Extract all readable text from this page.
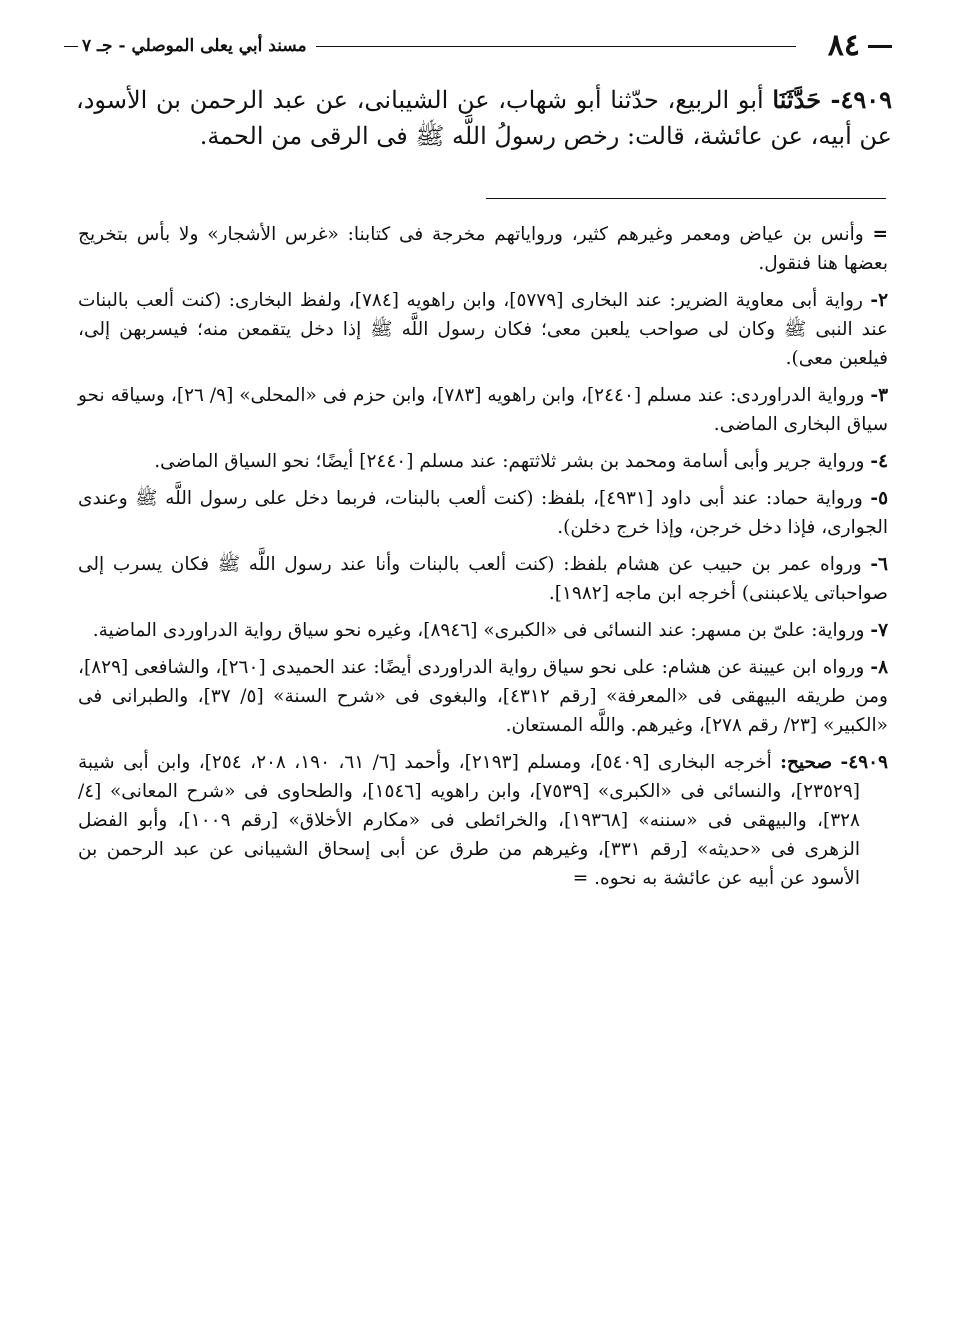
٨٤
مسند أبي يعلى الموصلي - جـ ٧

٤٩٠٩- حَدَّثَنَا أبو الربيع، حدّثنا أبو شهاب، عن الشيبانى، عن عبد الرحمن بن الأسود، عن أبيه، عن عائشة، قالت: رخص رسولُ اللَّه ﷺ فى الرقى من الحمة.

= وأنس بن عياض ومعمر وغيرهم كثير، ورواياتهم مخرجة فى كتابنا: «غرس الأشجار» ولا بأس بتخريج بعضها هنا فنقول.

٢- رواية أبى معاوية الضرير: عند البخارى [٥٧٧٩]، وابن راهويه [٧٨٤]، ولفظ البخارى: (كنت ألعب بالبنات عند النبى ﷺ وكان لى صواحب يلعبن معى؛ فكان رسول اللَّه ﷺ إذا دخل يتقمعن منه؛ فيسربهن إلى، فيلعبن معى).

٣- ورواية الدراوردى: عند مسلم [٢٤٤٠]، وابن راهويه [٧٨٣]، وابن حزم فى «المحلى» [٩/ ٢٦]، وسياقه نحو سياق البخارى الماضى.

٤- ورواية جرير وأبى أسامة ومحمد بن بشر ثلاثتهم: عند مسلم [٢٤٤٠] أيضًا؛ نحو السياق الماضى.

٥- ورواية حماد: عند أبى داود [٤٩٣١]، بلفظ: (كنت ألعب بالبنات، فربما دخل على رسول اللَّه ﷺ وعندى الجوارى، فإذا دخل خرجن، وإذا خرج دخلن).

٦- ورواه عمر بن حبيب عن هشام بلفظ: (كنت ألعب بالبنات وأنا عند رسول اللَّه ﷺ فكان يسرب إلى صواحباتى يلاعبننى) أخرجه ابن ماجه [١٩٨٢].

٧- ورواية: علىّ بن مسهر: عند النسائى فى «الكبرى» [٨٩٤٦]، وغيره نحو سياق رواية الدراوردى الماضية.

٨- ورواه ابن عيينة عن هشام: على نحو سياق رواية الدراوردى أيضًا: عند الحميدى [٢٦٠]، والشافعى [٨٢٩]، ومن طريقه البيهقى فى «المعرفة» [رقم ٤٣١٢]، والبغوى فى «شرح السنة» [٥/ ٣٧]، والطبرانى فى «الكبير» [٢٣/ رقم ٢٧٨]، وغيرهم. واللَّه المستعان.

٤٩٠٩- صحيح: أخرجه البخارى [٥٤٠٩]، ومسلم [٢١٩٣]، وأحمد [٦/ ٦١، ١٩٠، ٢٠٨، ٢٥٤]، وابن أبى شيبة [٢٣٥٢٩]، والنسائى فى «الكبرى» [٧٥٣٩]، وابن راهويه [١٥٤٦]، والطحاوى فى «شرح المعانى» [٤/ ٣٢٨]، والبيهقى فى «سننه» [١٩٣٦٨]، والخرائطى فى «مكارم الأخلاق» [رقم ١٠٠٩]، وأبو الفضل الزهرى فى «حديثه» [رقم ٣٣١]، وغيرهم من طرق عن أبى إسحاق الشيبانى عن عبد الرحمن بن الأسود عن أبيه عن عائشة به نحوه. =
